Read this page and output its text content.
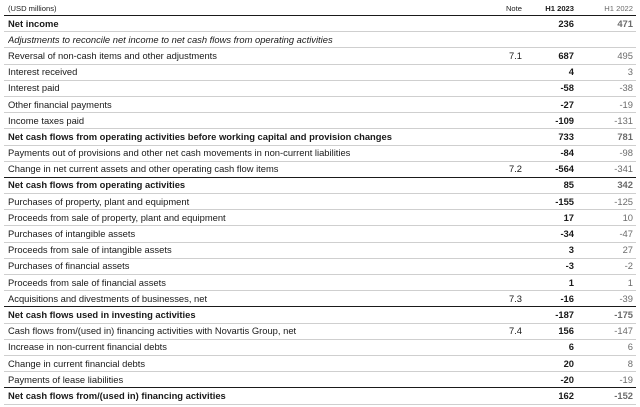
(USD millions)	Note	H1 2023	H1 2022
Net income	236	471
Adjustments to reconcile net income to net cash flows from operating activities
Reversal of non-cash items and other adjustments	7.1	687	495
Interest received	4	3
Interest paid	-58	-38
Other financial payments	-27	-19
Income taxes paid	-109	-131
Net cash flows from operating activities before working capital and provision changes	733	781
Payments out of provisions and other net cash movements in non-current liabilities	-84	-98
Change in net current assets and other operating cash flow items	7.2	-564	-341
Net cash flows from operating activities	85	342
Purchases of property, plant and equipment	-155	-125
Proceeds from sale of property, plant and equipment	17	10
Purchases of intangible assets	-34	-47
Proceeds from sale of intangible assets	3	27
Purchases of financial assets	-3	-2
Proceeds from sale of financial assets	1	1
Acquisitions and divestments of businesses, net	7.3	-16	-39
Net cash flows used in investing activities	-187	-175
Cash flows from/(used in) financing activities with Novartis Group, net	7.4	156	-147
Increase in non-current financial debts	6	6
Change in current financial debts	20	8
Payments of lease liabilities	-20	-19
Net cash flows from/(used in) financing activities	162	-152
